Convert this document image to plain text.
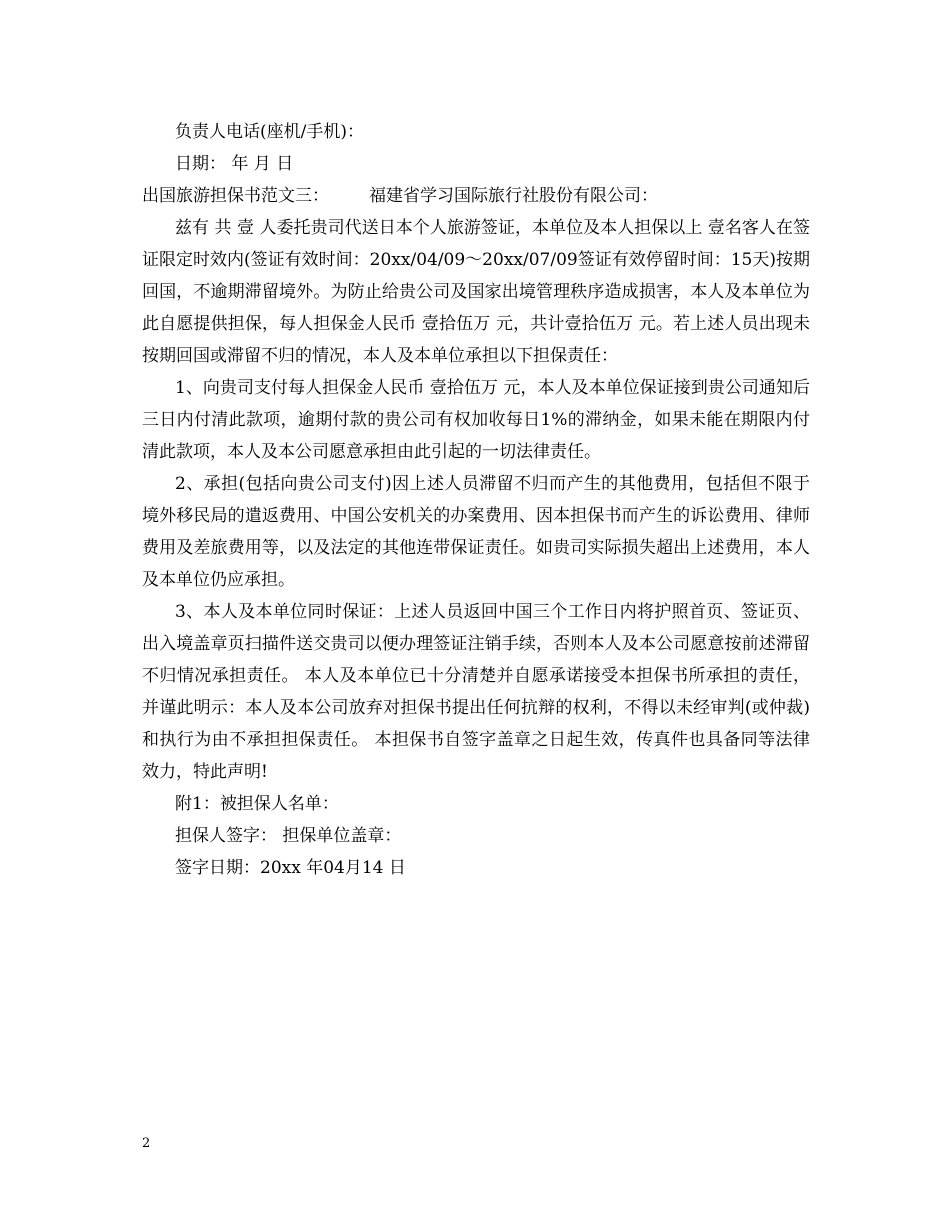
负责人电话(座机/手机)：
日期： 年 月 日
出国旅游担保书范文三： 福建省学习国际旅行社股份有限公司：
兹有 共 壹 人委托贵司代送日本个人旅游签证，本单位及本人担保以上 壹名客人在签证限定时效内(签证有效时间：20xx/04/09～20xx/07/09签证有效停留时间：15天)按期回国，不逾期滞留境外。为防止给贵公司及国家出境管理秩序造成损害，本人及本单位为此自愿提供担保，每人担保金人民币 壹拾伍万 元，共计壹拾伍万 元。若上述人员出现未按期回国或滞留不归的情况，本人及本单位承担以下担保责任：
1、向贵司支付每人担保金人民币 壹拾伍万 元，本人及本单位保证接到贵公司通知后三日内付清此款项，逾期付款的贵公司有权加收每日1%的滞纳金，如果未能在期限内付清此款项，本人及本公司愿意承担由此引起的一切法律责任。
2、承担(包括向贵公司支付)因上述人员滞留不归而产生的其他费用，包括但不限于境外移民局的遣返费用、中国公安机关的办案费用、因本担保书而产生的诉讼费用、律师费用及差旅费用等，以及法定的其他连带保证责任。如贵司实际损失超出上述费用，本人及本单位仍应承担。
3、本人及本单位同时保证：上述人员返回中国三个工作日内将护照首页、签证页、出入境盖章页扫描件送交贵司以便办理签证注销手续，否则本人及本公司愿意按前述滞留不归情况承担责任。 本人及本单位已十分清楚并自愿承诺接受本担保书所承担的责任，并谨此明示：本人及本公司放弃对担保书提出任何抗辩的权利，不得以未经审判(或仲裁)和执行为由不承担担保责任。 本担保书自签字盖章之日起生效，传真件也具备同等法律效力，特此声明!
附1：被担保人名单：
担保人签字： 担保单位盖章：
签字日期：20xx 年04月14 日
2
